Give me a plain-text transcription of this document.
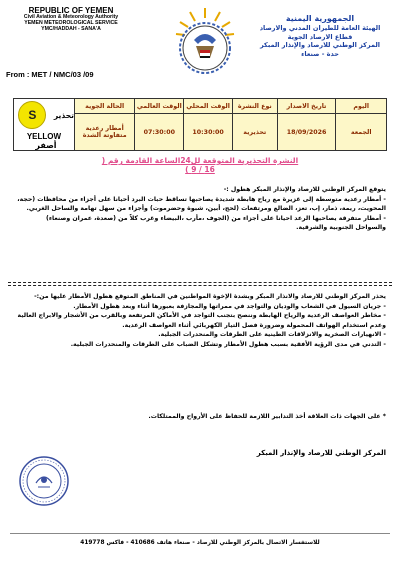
REPUBLIC OF YEMEN
Civil Aviation & Meteorology Authority
YEMEN METEOROLOGICAL SERVICE
YMC/HADDAH - SANA'A
From : MET / NMC/03 /09
الجمهورية اليمنية
الهيئة العامة للطيران المدني والارصاد
قطاع الارصاد الجوية
المركز الوطني للارصاد والإنذار المبكر
حدة - صنعاء
اليوم	تاريخ الاصدار	نوع النشرة	الوقت المحلي	الوقت العالمي	الحالة الجوية	S تحذير
YELLOW أصفر

الجمعة	18/09/2026	تحذيرية	10:30:00	07:30:00	أمطار رعدية متفاوتة الشدة	
النشرة التحذيرية المتوقعة لل24الساعة القادمة رقم ( 16 / 9 )
يتوقع المركز الوطني للارصاد والإنذار المبكر هطول :-
- أمطار رعدية متوسطة إلى غزيرة مع رياح هابطة شديدة يصاحبها تساقط حبات البرد أحيانا على أجزاء من محافظات (حجة، المحويت، ريمة، ذمار، إب، تعز، الضالع ومرتفعات (لحج، أبين، شبوة وحضرموت) وأجزاء من سهل تهامة والساحل الغربي.
- أمطار متفرقة يصاحبها الرعد احيانا على أجزاء من (الجوف ،مأرب ،البيضاء وغرب كلاً من (صعدة، عمران وصنعاء) والسواحل الجنوبية والشرقية.
يحذر المركز الوطني للارصاد والانذار المبكر وبشدة الإخوة المواطنين في المناطق المتوقع هطول الأمطار عليها من:-
- جريان السيول في الشعاب والوديان والتواجد في ممراتها والمجازفة بعبورها أثناء وبعد هطول الأمطار.
- مخاطر العواصف الرعدية والرياح الهابطة وننصح بتجنب التواجد في الأماكن المرتفعة وبالقرب من الأشجار والابراج العالية وعدم استخدام الهواتف المحمولة وضرورة فصل التيار الكهربائي أثناء العواصف الرعدية.
- الانهيارات الصخرية والانزلاقات الطينية على الطرقات والمنحدرات الجبلية.
- التدني في مدى الرؤية الأفقية بسبب هطول الأمطار وتشكل الضباب على الطرقات والمنحدرات الجبلية.
* على الجهات ذات العلاقة أخذ التدابير اللازمة للحفاظ على الأرواح والممتلكات.
المركز الوطني للارصاد والإنذار المبكر
للاستفسار الاتصال بالمركز الوطني للارصاد - صنعاء هاتف 410686 - فاكس 419778
